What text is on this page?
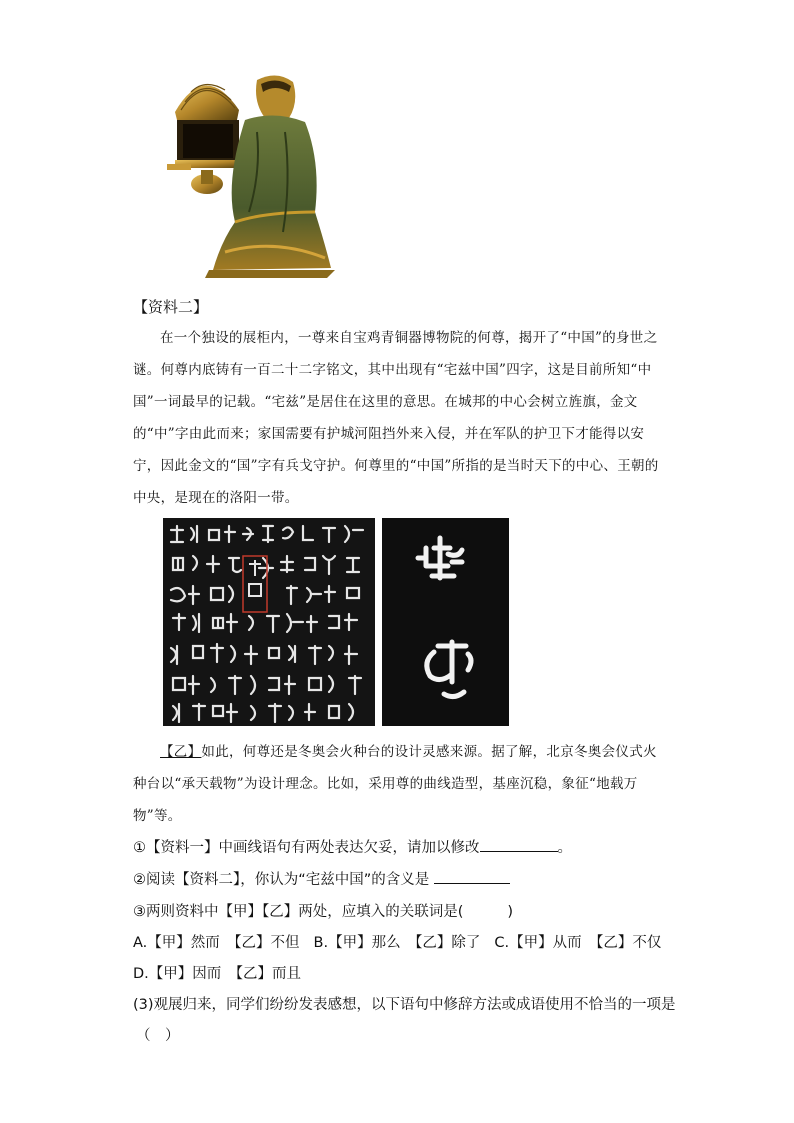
【资料二】
在一个独设的展柜内，一尊来自宝鸡青铜器博物院的何尊，揭开了“中国”的身世之谜。何尊内底铸有一百二十二字铭文，其中出现有“宅兹中国”四字，这是目前所知“中国”一词最早的记载。“宅兹”是居住在这里的意思。在城邦的中心会树立旌旗，金文的“中”字由此而来；家国需要有护城河阻挡外来入侵，并在军队的护卫下才能得以安宁，因此金文的“国”字有兵戈守护。何尊里的“中国”所指的是当时天下的中心、王朝的中央，是现在的洛阳一带。
【乙】如此，何尊还是冬奥会火种台的设计灵感来源。据了解，北京冬奥会仪式火种台以“承天载物”为设计理念。比如，采用尊的曲线造型，基座沉稳，象征“地载万物”等。
①【资料一】中画线语句有两处表达欠妥，请加以修改	。
②阅读【资料二】，你认为“宅兹中国”的含义是
③两则资料中【甲】【乙】两处，应填入的关联词是(	)
A.【甲】然而　【乙】不但 B.【甲】那么　【乙】除了 C.【甲】从而　【乙】不仅
D.【甲】因而　【乙】而且
(3)观展归来，同学们纷纷发表感想，以下语句中修辞方法或成语使用不恰当的一项是
（　）
